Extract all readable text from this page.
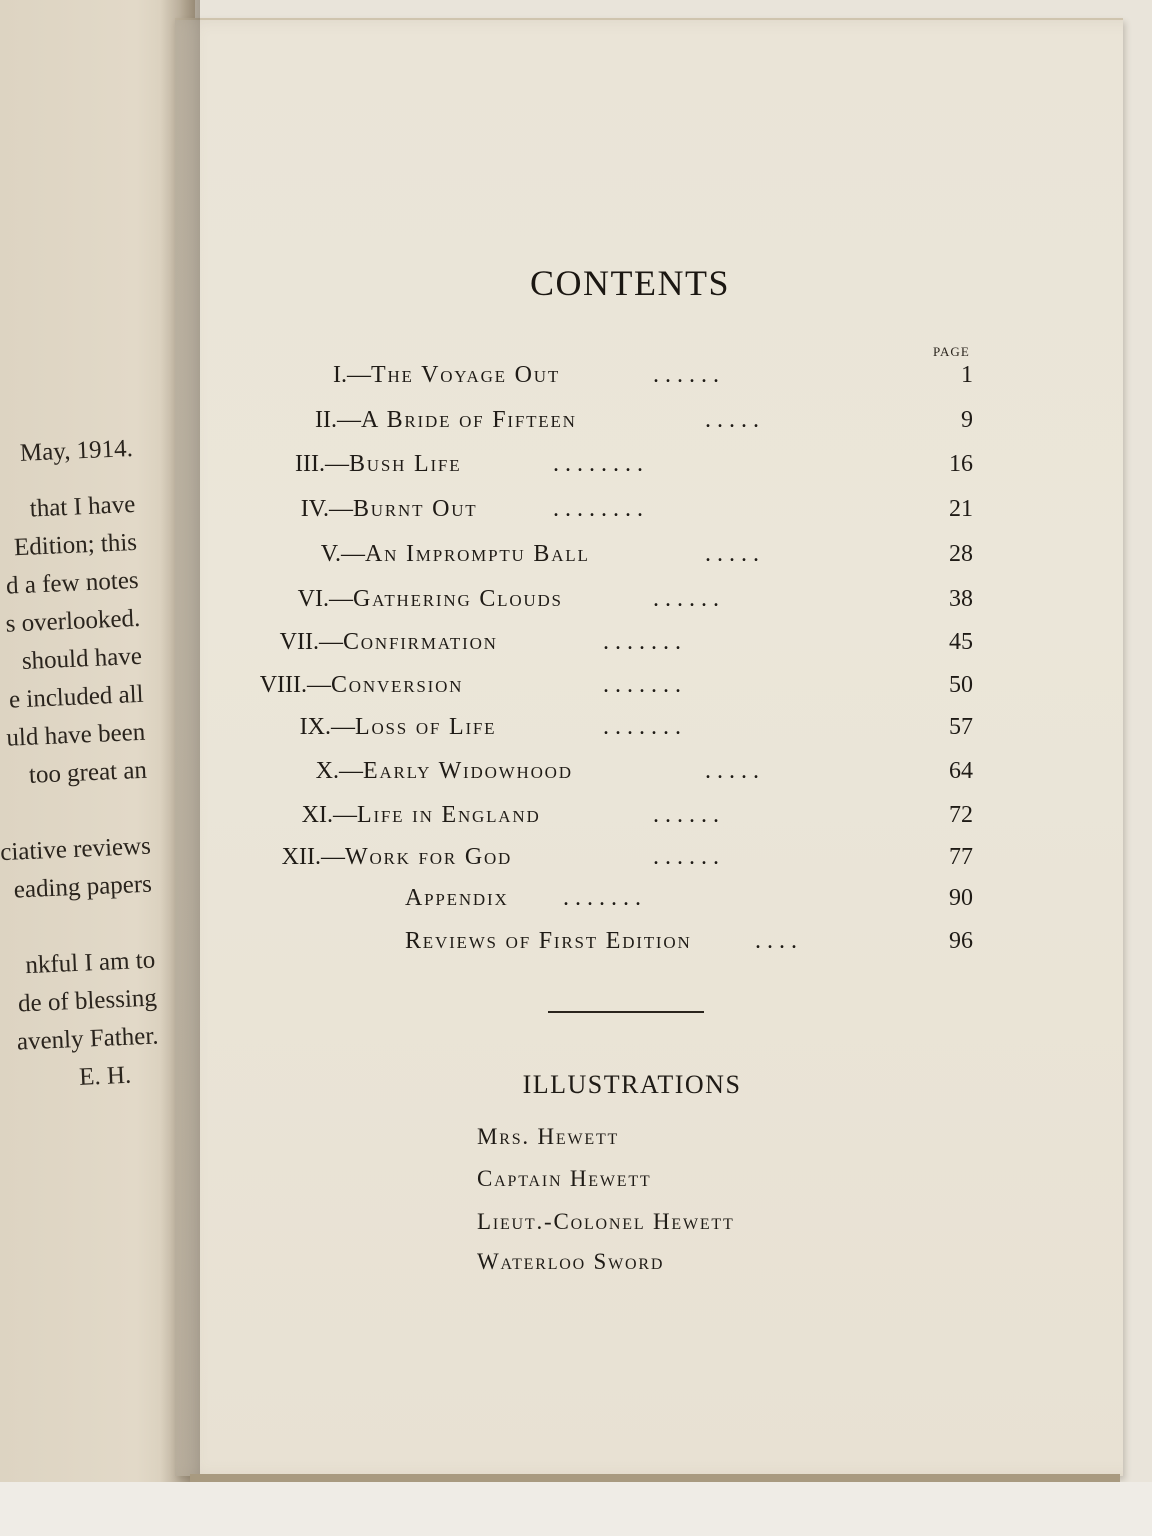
May, 1914.
that I have
Edition; this
d a few notes
s overlooked.
should have
e included all
uld have been
too great an
ciative reviews
eading papers
nkful I am to
de of blessing
avenly Father.
E. H.
CONTENTS
PAGE
I. — The Voyage Out	. . . . . .	1
II. — A Bride of Fifteen	. . . . .	9
III. — Bush Life	. . . . . . . .	16
IV. — Burnt Out	. . . . . . . .	21
V. — An Impromptu Ball	. . . . .	28
VI. — Gathering Clouds	. . . . . .	38
VII. — Confirmation	. . . . . . .	45
VIII. — Conversion	. . . . . . .	50
IX. — Loss of Life	. . . . . . .	57
X. — Early Widowhood	. . . . .	64
XI. — Life in England	. . . . . .	72
XII. — Work for God	. . . . . .	77
Appendix . . . . . . .	90
Reviews of First Edition	. . . .	96
ILLUSTRATIONS
Mrs. Hewett
Captain Hewett
Lieut.-Colonel Hewett
Waterloo Sword
